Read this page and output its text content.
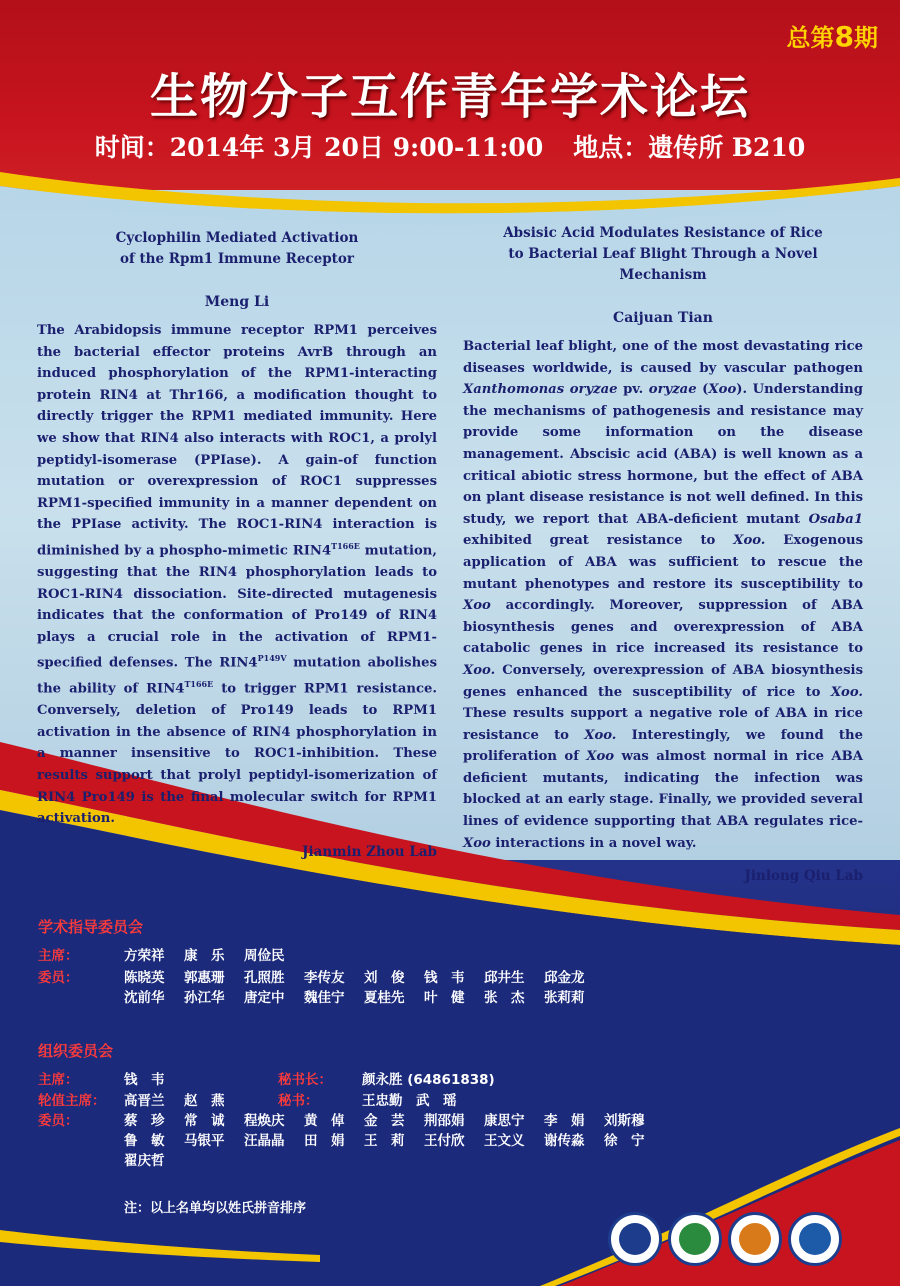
总第8期
生物分子互作青年学术论坛
时间：2014年 3月 20日 9:00-11:00 地点：遗传所 B210
Cyclophilin Mediated Activation
of the Rpm1 Immune Receptor
Meng Li
The Arabidopsis immune receptor RPM1 perceives the bacterial effector proteins AvrB through an induced phosphorylation of the RPM1-interacting protein RIN4 at Thr166, a modification thought to directly trigger the RPM1 mediated immunity. Here we show that RIN4 also interacts with ROC1, a prolyl peptidyl-isomerase (PPIase). A gain-of function mutation or overexpression of ROC1 suppresses RPM1-specified immunity in a manner dependent on the PPIase activity. The ROC1-RIN4 interaction is diminished by a phospho-mimetic $RIN4^{T166E}$ mutation, suggesting that the RIN4 phosphorylation leads to ROC1-RIN4 dissociation. Site-directed mutagenesis indicates that the conformation of Pro149 of RIN4 plays a crucial role in the activation of RPM1-specified defenses. The $RIN4^{P149V}$ mutation abolishes the ability of $RIN4^{T166E}$ to trigger RPM1 resistance. Conversely, deletion of Pro149 leads to RPM1 activation in the absence of RIN4 phosphorylation in a manner insensitive to ROC1-inhibition. These results support that prolyl peptidyl-isomerization of RIN4 Pro149 is the final molecular switch for RPM1 activation.
Jianmin Zhou Lab
Absisic Acid Modulates Resistance of Rice
to Bacterial Leaf Blight Through a Novel Mechanism
Caijuan Tian
Bacterial leaf blight, one of the most devastating rice diseases worldwide, is caused by vascular pathogen Xanthomonas oryzae pv. oryzae (Xoo). Understanding the mechanisms of pathogenesis and resistance may provide some information on the disease management. Abscisic acid (ABA) is well known as a critical abiotic stress hormone, but the effect of ABA on plant disease resistance is not well defined. In this study, we report that ABA-deficient mutant Osaba1 exhibited great resistance to Xoo. Exogenous application of ABA was sufficient to rescue the mutant phenotypes and restore its susceptibility to Xoo accordingly. Moreover, suppression of ABA biosynthesis genes and overexpression of ABA catabolic genes in rice increased its resistance to Xoo. Conversely, overexpression of ABA biosynthesis genes enhanced the susceptibility of rice to Xoo. These results support a negative role of ABA in rice resistance to Xoo. Interestingly, we found the proliferation of Xoo was almost normal in rice ABA deficient mutants, indicating the infection was blocked at an early stage. Finally, we provided several lines of evidence supporting that ABA regulates rice-Xoo interactions in a novel way.
Jinlong Qiu Lab
学术指导委员会
主席：	方荣祥 康　乐 周俭民
委员：	陈晓英 郭惠珊 孔照胜 李传友 刘　俊 钱　韦 邱井生 邱金龙
沈前华 孙江华 唐定中 魏佳宁 夏桂先 叶　健 张　杰 张莉莉
组织委员会
主席：	钱　韦	秘书长： 颜永胜 (64861838)
轮值主席： 高晋兰 赵　燕	秘书：	王忠勤　武　瑶
委员：	蔡　珍 常　诚 程焕庆 黄　倬 金　芸 荆邵娟 康思宁 李　娟 刘斯穆
鲁　敏 马银平 汪晶晶 田　娟 王　莉 王付欣 王文义 谢传淼 徐　宁
翟庆哲
注：以上名单均以姓氏拼音排序
